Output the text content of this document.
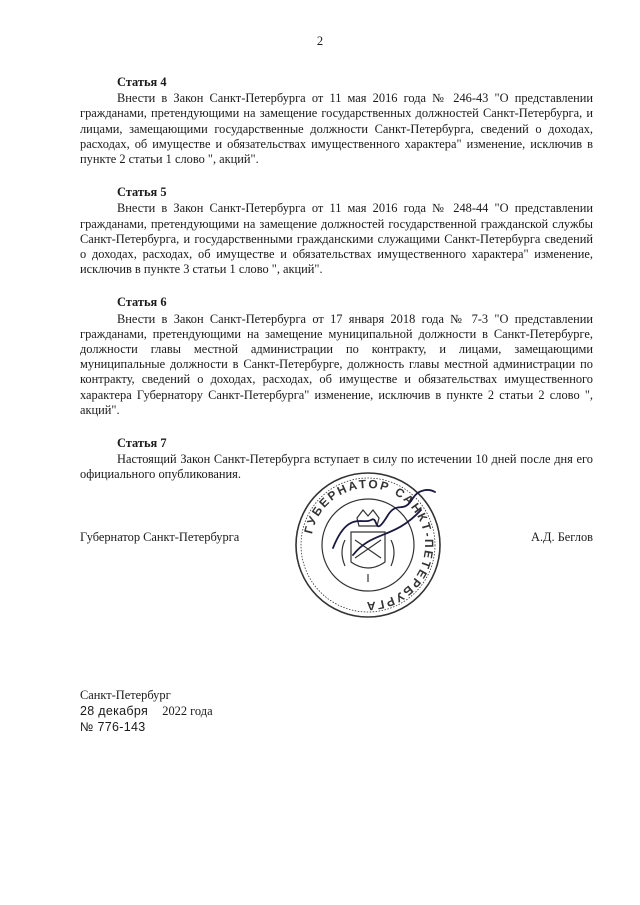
2
Статья 4

Внести в Закон Санкт-Петербурга от 11 мая 2016 года № 246-43 "О представлении гражданами, претендующими на замещение государственных должностей Санкт-Петербурга, и лицами, замещающими государственные должности Санкт-Петербурга, сведений о доходах, расходах, об имуществе и обязательствах имущественного характера" изменение, исключив в пункте 2 статьи 1 слово ", акций".

Статья 5

Внести в Закон Санкт-Петербурга от 11 мая 2016 года № 248-44 "О представлении гражданами, претендующими на замещение должностей государственной гражданской службы Санкт-Петербурга, и государственными гражданскими служащими Санкт-Петербурга сведений о доходах, расходах, об имуществе и обязательствах имущественного характера" изменение, исключив в пункте 3 статьи 1 слово ", акций".

Статья 6

Внести в Закон Санкт-Петербурга от 17 января 2018 года № 7-3 "О представлении гражданами, претендующими на замещение муниципальной должности в Санкт-Петербурге, должности главы местной администрации по контракту, и лицами, замещающими муниципальные должности в Санкт-Петербурге, должность главы местной администрации по контракту, сведений о доходах, расходах, об имуществе и обязательствах имущественного характера Губернатору Санкт-Петербурга" изменение, исключив в пункте 2 статьи 2 слово ", акций".

Статья 7

Настоящий Закон Санкт-Петербурга вступает в силу по истечении 10 дней после дня его официального опубликования.

Губернатор Санкт-Петербурга	А.Д. Беглов
ГУБЕРНАТОР САНКТ-ПЕТЕРБУРГА
Санкт-Петербург
28 декабря 2022 года
№ 776-143
